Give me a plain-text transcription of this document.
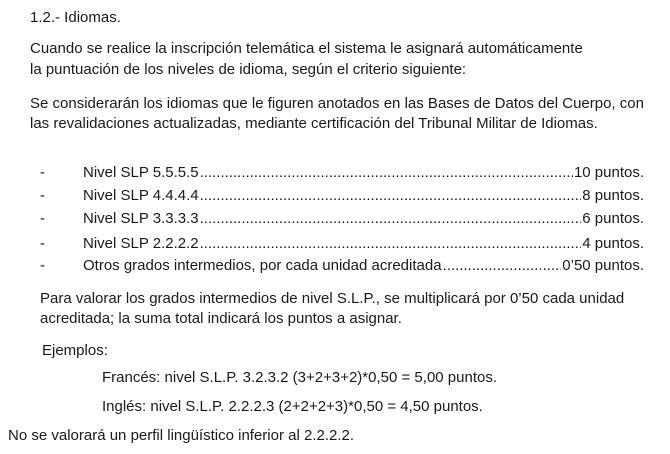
1.2.- Idiomas.
Cuando se realice la inscripción telemática el sistema le asignará automáticamente
la puntuación de los niveles de idioma, según el criterio siguiente:
Se considerarán los idiomas que le figuren anotados en las Bases de Datos del Cuerpo, con las revalidaciones actualizadas, mediante certificación del Tribunal Militar de Idiomas.
-	Nivel SLP 5.5.5.5 .....	10 puntos.
-	Nivel SLP 4.4.4.4 .....	8 puntos.
-	Nivel SLP 3.3.3.3 .....	6 puntos.
-	Nivel SLP 2.2.2.2 .....	4 puntos.
-	Otros grados intermedios, por cada unidad acreditada .....	0’50 puntos.
Para valorar los grados intermedios de nivel S.L.P., se multiplicará por 0’50 cada unidad acreditada; la suma total indicará los puntos a asignar.
Ejemplos:
Francés: nivel S.L.P. 3.2.3.2 (3+2+3+2)*0,50 = 5,00 puntos.
Inglés: nivel S.L.P. 2.2.2.3 (2+2+2+3)*0,50 = 4,50 puntos.
No se valorará un perfil lingüístico inferior al 2.2.2.2.
